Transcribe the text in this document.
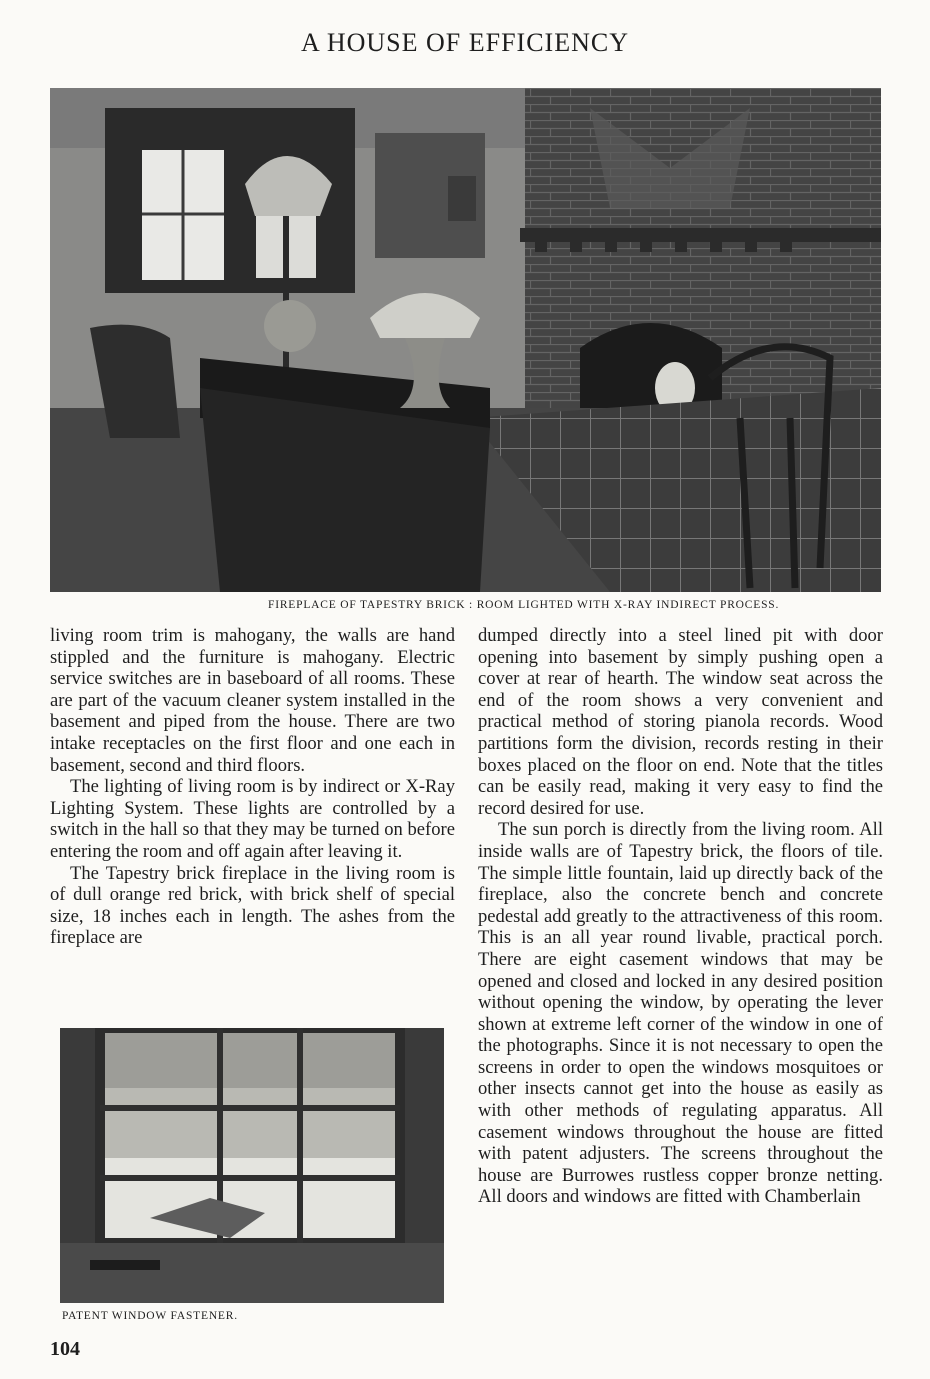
A HOUSE OF EFFICIENCY
FIREPLACE OF TAPESTRY BRICK : ROOM LIGHTED WITH X-RAY INDIRECT PROCESS.

living room trim is mahogany, the walls are hand stippled and the furniture is mahogany. Electric service switches are in baseboard of all rooms. These are part of the vacuum cleaner system installed in the basement and piped from the house. There are two intake receptacles on the first floor and one each in basement, second and third floors.

The lighting of living room is by indirect or X-Ray Lighting System. These lights are controlled by a switch in the hall so that they may be turned on before entering the room and off again after leaving it.

The Tapestry brick fireplace in the living room is of dull orange red brick, with brick shelf of special size, 18 inches each in length. The ashes from the fireplace are

dumped directly into a steel lined pit with door opening into basement by simply pushing open a cover at rear of hearth. The window seat across the end of the room shows a very convenient and practical method of storing pianola records. Wood partitions form the division, records resting in their boxes placed on the floor on end. Note that the titles can be easily read, making it very easy to find the record desired for use.

The sun porch is directly from the living room. All inside walls are of Tapestry brick, the floors of tile. The simple little fountain, laid up directly back of the fireplace, also the concrete bench and concrete pedestal add greatly to the attractiveness of this room. This is an all year round livable, practical porch. There are eight casement windows that may be opened and closed and locked in any desired position without opening the window, by operating the lever shown at extreme left corner of the window in one of the photographs. Since it is not necessary to open the screens in order to open the windows mosquitoes or other insects cannot get into the house as easily as with other methods of regulating apparatus. All casement windows throughout the house are fitted with patent adjusters. The screens throughout the house are Burrowes rustless copper bronze netting. All doors and windows are fitted with Chamberlain

PATENT WINDOW FASTENER.
104
